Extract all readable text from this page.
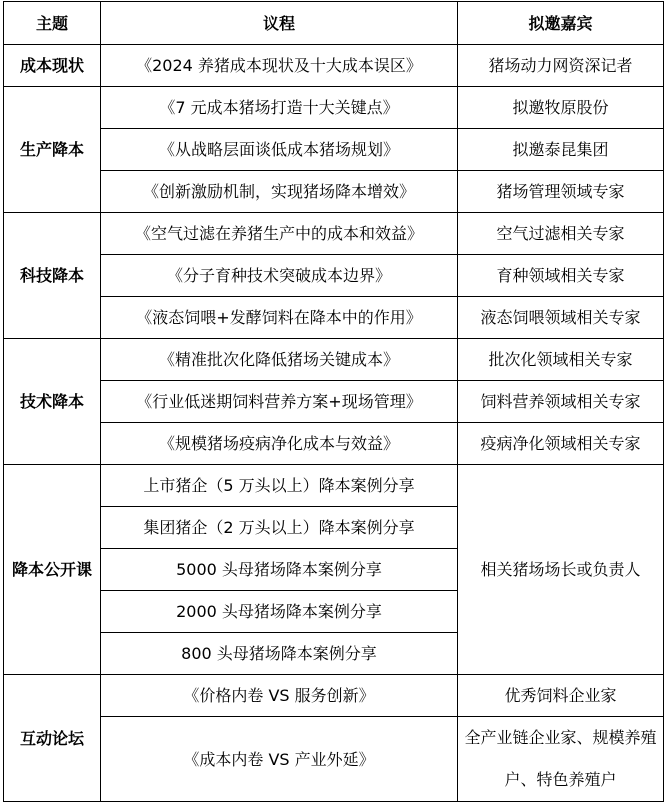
主题	议程	拟邀嘉宾
成本现状	《2024 养猪成本现状及十大成本误区》	猪场动力网资深记者
生产降本	《7 元成本猪场打造十大关键点》	拟邀牧原股份
	《从战略层面谈低成本猪场规划》	拟邀泰昆集团
	《创新激励机制，实现猪场降本增效》	猪场管理领域专家
科技降本	《空气过滤在养猪生产中的成本和效益》	空气过滤相关专家
	《分子育种技术突破成本边界》	育种领域相关专家
	《液态饲喂+发酵饲料在降本中的作用》	液态饲喂领域相关专家
技术降本	《精准批次化降低猪场关键成本》	批次化领域相关专家
	《行业低迷期饲料营养方案+现场管理》	饲料营养领域相关专家
	《规模猪场疫病净化成本与效益》	疫病净化领域相关专家
降本公开课	上市猪企（5 万头以上）降本案例分享	相关猪场场长或负责人
	集团猪企（2 万头以上）降本案例分享	
	5000 头母猪场降本案例分享	
	2000 头母猪场降本案例分享	
	800 头母猪场降本案例分享	
互动论坛	《价格内卷 VS 服务创新》	优秀饲料企业家
	《成本内卷 VS 产业外延》	全产业链企业家、规模养殖户、特色养殖户
